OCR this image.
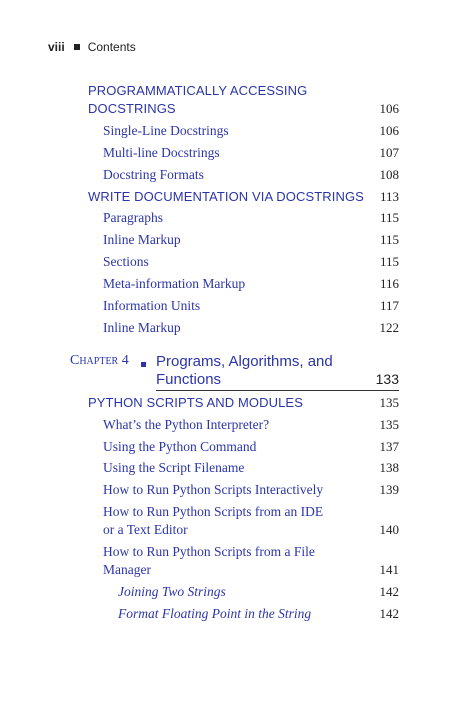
viii Contents
PROGRAMMATICALLY ACCESSING
DOCSTRINGS	106
Single-Line Docstrings	106
Multi-line Docstrings	107
Docstring Formats	108
WRITE DOCUMENTATION VIA DOCSTRINGS 113
Paragraphs	115
Inline Markup	115
Sections	115
Meta-information Markup	116
Information Units	117
Inline Markup	122
Chapter 4 Programs, Algorithms, and
Functions	133
PYTHON SCRIPTS AND MODULES	135
What’s the Python Interpreter?	135
Using the Python Command	137
Using the Script Filename	138
How to Run Python Scripts Interactively	139
How to Run Python Scripts from an IDE
or a Text Editor	140
How to Run Python Scripts from a File
Manager	141
Joining Two Strings	142
Format Floating Point in the String	142
